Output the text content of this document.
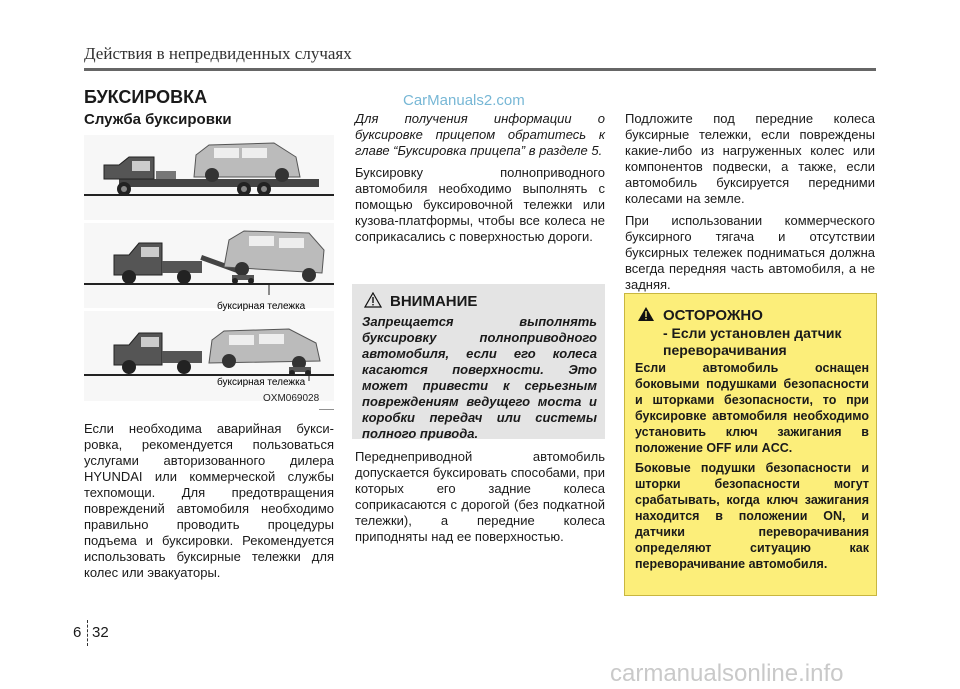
Действия в непредвиденных случаях
БУКСИРОВКА
Служба буксировки
CarManuals2.com
буксирная тележка
буксирная тележка
OXM069028

Если необходима аварийная букси-ровка, рекомендуется пользоваться услугами авторизованного дилера HYUNDAI или коммерческой службы техпомощи. Для предотвращения повреждений автомобиля необходимо правильно проводить процедуры подъема и буксировки. Рекомендуется использовать буксирные тележки для колес или эвакуаторы.

Для получения информации о буксировке прицепом обратитесь к главе “Буксировка прицепа” в разделе 5.

Буксировку полноприводного автомобиля необходимо выполнять с помощью буксировочной тележки или кузова-платформы, чтобы все колеса не соприкасались с поверхностью дороги.

Переднеприводной автомобиль допускается буксировать способами, при которых его задние колеса соприкасаются с дорогой (без подкатной тележки), а передние колеса приподняты над ее поверхностью.

ВНИМАНИЕ
Запрещается выполнять буксировку полноприводного автомобиля, если его колеса касаются поверхности. Это может привести к серьезным повреждениям ведущего моста и коробки передач или системы полного привода.

Подложите под передние колеса буксирные тележки, если повреждены какие-либо из нагруженных колес или компонентов подвески, а также, если автомобиль буксируется передними колесами на земле.

При использовании коммерческого буксирного тягача и отсутствии буксирных тележек подниматься должна всегда передняя часть автомобиля, а не задняя.

ОСТОРОЖНО
- Если установлен датчик переворачивания

Если автомобиль оснащен боковыми подушками безопасности и шторками безопасности, то при буксировке автомобиля необходимо установить ключ зажигания в положение OFF или ACC.

Боковые подушки безопасности и шторки безопасности могут срабатывать, когда ключ зажигания находится в положении ON, и датчики переворачивания определяют ситуацию как переворачивание автомобиля.

6 32
carmanualsonline.info
